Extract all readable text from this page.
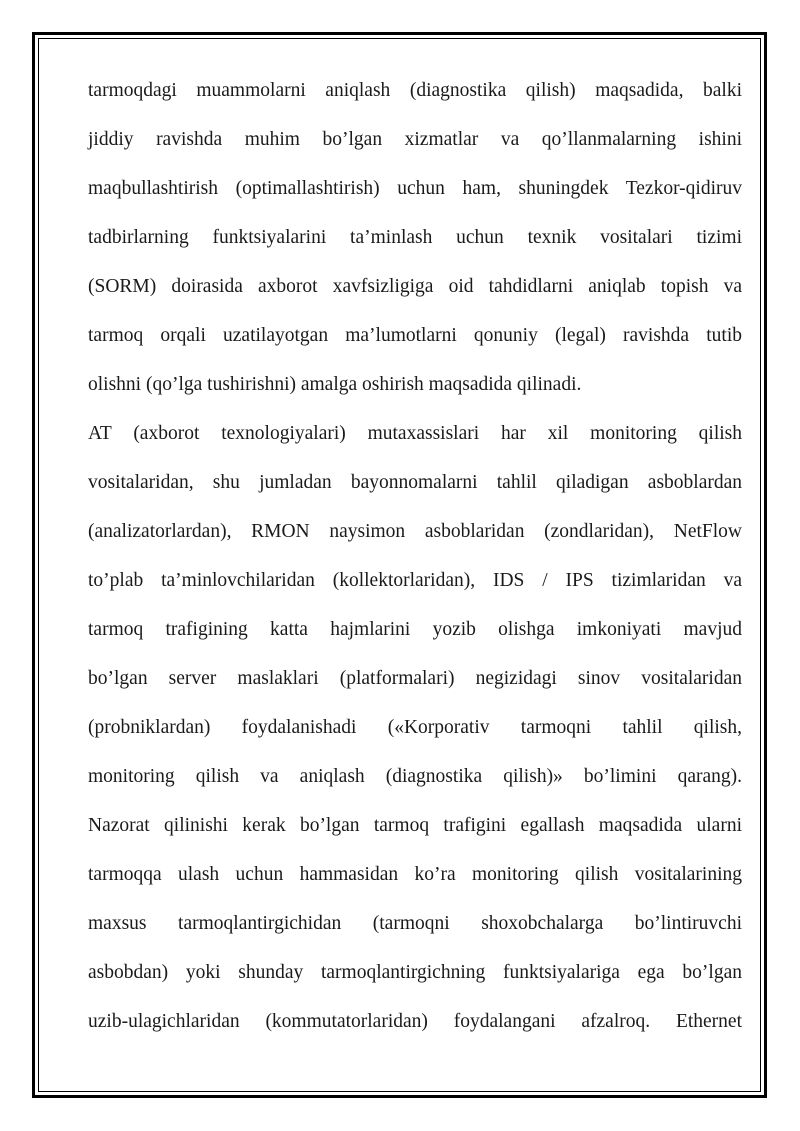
tarmoqdagi muammolarni aniqlash (diagnostika qilish) maqsadida, balki
jiddiy ravishda muhim bo’lgan xizmatlar va qo’llanmalarning ishini
maqbullashtirish (optimallashtirish) uchun ham, shuningdek Tezkor-qidiruv
tadbirlarning funktsiyalarini ta’minlash uchun texnik vositalari tizimi
(SORM) doirasida axborot xavfsizligiga oid tahdidlarni aniqlab topish va
tarmoq orqali uzatilayotgan ma’lumotlarni qonuniy (legal) ravishda tutib
olishni (qo’lga tushirishni) amalga oshirish maqsadida qilinadi.
AT (axborot texnologiyalari) mutaxassislari har xil monitoring qilish
vositalaridan, shu jumladan bayonnomalarni tahlil qiladigan asboblardan
(analizatorlardan), RMON naysimon asboblaridan (zondlaridan), NetFlow
to’plab ta’minlovchilaridan (kollektorlaridan), IDS / IPS tizimlaridan va
tarmoq trafigining katta hajmlarini yozib olishga imkoniyati mavjud
bo’lgan server maslaklari (platformalari) negizidagi sinov vositalaridan
(probniklardan) foydalanishadi («Korporativ tarmoqni tahlil qilish,
monitoring qilish va aniqlash (diagnostika qilish)» bo’limini qarang).
Nazorat qilinishi kerak bo’lgan tarmoq trafigini egallash maqsadida ularni
tarmoqqa ulash uchun hammasidan ko’ra monitoring qilish vositalarining
maxsus tarmoqlantirgichidan (tarmoqni shoxobchalarga bo’lintiruvchi
asbobdan) yoki shunday tarmoqlantirgichning funktsiyalariga ega bo’lgan
uzib-ulagichlaridan (kommutatorlaridan) foydalangani afzalroq. Ethernet
